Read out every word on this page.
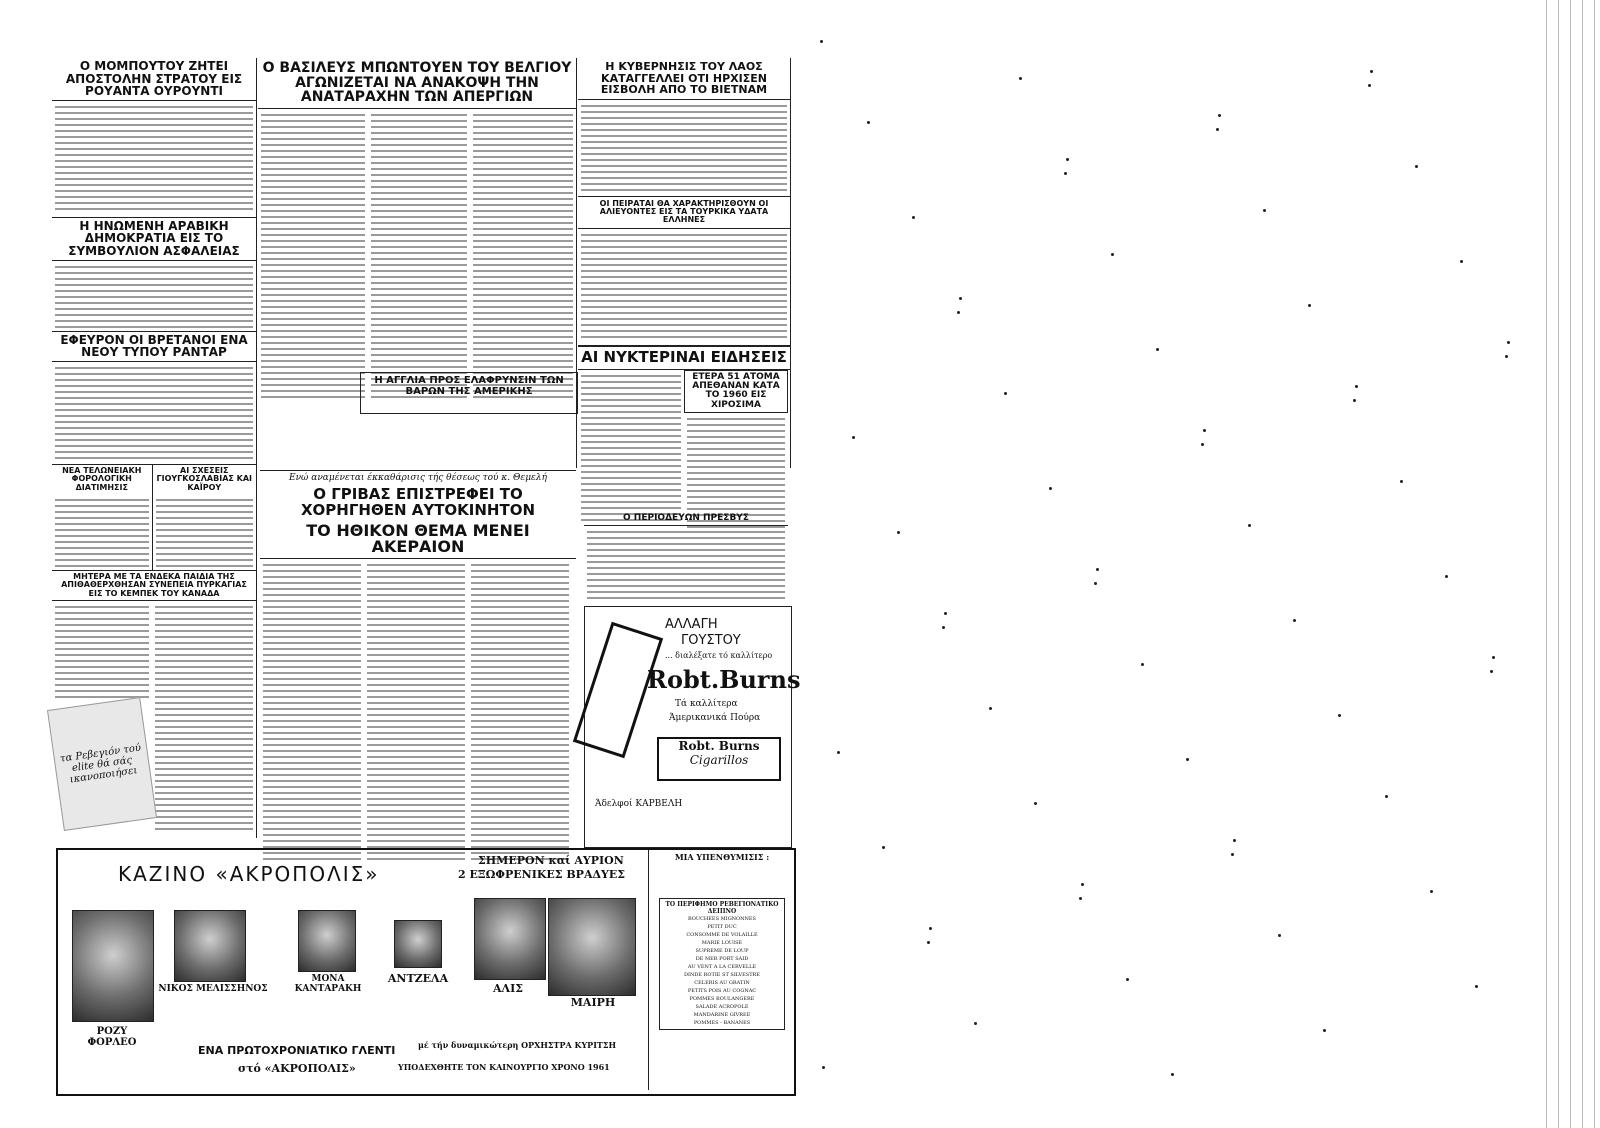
Ο ΜΟΜΠΟΥΤΟΥ ΖΗΤΕΙ ΑΠΟΣΤΟΛΗΝ ΣΤΡΑΤΟΥ ΕΙΣ ΡΟΥΑΝΤΑ ΟΥΡΟΥΝΤΙ
Η ΗΝΩΜΕΝΗ ΑΡΑΒΙΚΗ ΔΗΜΟΚΡΑΤΙΑ ΕΙΣ ΤΟ ΣΥΜΒΟΥΛΙΟΝ ΑΣΦΑΛΕΙΑΣ
ΕΦΕΥΡΟΝ ΟΙ ΒΡΕΤΑΝΟΙ ΕΝΑ ΝΕΟΥ ΤΥΠΟΥ ΡΑΝΤΑΡ
ΝΕΑ ΤΕΛΩΝΕΙΑΚΗ ΦΟΡΟΛΟΓΙΚΗ ΔΙΑΤΙΜΗΣΙΣ
ΑΙ ΣΧΕΣΕΙΣ ΓΙΟΥΓΚΟΣΛΑΒΙΑΣ ΚΑΙ ΚΑΪΡΟΥ
ΜΗΤΕΡΑ ΜΕ ΤΑ ΕΝΔΕΚΑ ΠΑΙΔΙΑ ΤΗΣ ΑΠΙΘΑΘΕΡΧΘΗΣΑΝ ΣΥΝΕΠΕΙΑ ΠΥΡΚΑΓΙΑΣ ΕΙΣ ΤΟ ΚΕΜΠΕΚ ΤΟΥ ΚΑΝΑΔΑ
τα Ρεβεγιόν τού elite θά σάς ικανοποιήσει
Ο ΒΑΣΙΛΕΥΣ ΜΠΩΝΤΟΥΕΝ ΤΟΥ ΒΕΛΓΙΟΥ ΑΓΩΝΙΖΕΤΑΙ ΝΑ ΑΝΑΚΟΨΗ ΤΗΝ ΑΝΑΤΑΡΑΧΗΝ ΤΩΝ ΑΠΕΡΓΙΩΝ
Η ΑΓΓΛΙΑ ΠΡΟΣ ΕΛΑΦΡΥΝΣΙΝ ΤΩΝ ΒΑΡΩΝ ΤΗΣ ΑΜΕΡΙΚΗΣ
Η ΚΥΒΕΡΝΗΣΙΣ ΤΟΥ ΛΑΟΣ ΚΑΤΑΓΓΕΛΛΕΙ ΟΤΙ ΗΡΧΙΣΕΝ ΕΙΣΒΟΛΗ ΑΠΟ ΤΟ ΒΙΕΤΝΑΜ
ΟΙ ΠΕΙΡΑΤΑΙ ΘΑ ΧΑΡΑΚΤΗΡΙΣΘΟΥΝ ΟΙ ΑΛΙΕΥΟΝΤΕΣ ΕΙΣ ΤΑ ΤΟΥΡΚΙΚΑ ΥΔΑΤΑ ΕΛΛΗΝΕΣ
ΑΙ ΝΥΚΤΕΡΙΝΑΙ ΕΙΔΗΣΕΙΣ
ΕΤΕΡΑ 51 ΑΤΟΜΑ ΑΠΕΘΑΝΑΝ ΚΑΤΑ ΤΟ 1960 ΕΙΣ ΧΙΡΟΣΙΜΑ
Ενώ αναμένεται έκκαθάρισις τής θέσεως τού κ. Θεμελή
Ο ΓΡΙΒΑΣ ΕΠΙΣΤΡΕΦΕΙ ΤΟ ΧΟΡΗΓΗΘΕΝ ΑΥΤΟΚΙΝΗΤΟΝ
ΤΟ ΗΘΙΚΟΝ ΘΕΜΑ ΜΕΝΕΙ ΑΚΕΡΑΙΟΝ
Ο ΠΕΡΙΟΔΕΥΩΝ ΠΡΕΣΒΥΣ
ΑΛΛΑΓΗ
ΓΟΥΣΤΟΥ
... διαλέξατε τό καλλίτερο
Robt.Burns
Τά καλλίτερα
Άμερικανικά Πούρα
Robt. Burns
Cigarillos
Άδελφοί ΚΑΡΒΕΛΗ
ΚΑΖΙΝΟ «ΑΚΡΟΠΟΛΙΣ»
ΣΗΜΕΡΟΝ καί ΑΥΡΙΟΝ
2 ΕΞΩΦΡΕΝΙΚΕΣ ΒΡΑΔΥΕΣ
ΡΟΖΥ ΦΟΡΛΕΟ
ΝΙΚΟΣ ΜΕΛΙΣΣΗΝΟΣ
ΜΟΝΑ ΚΑΝΤΑΡΑΚΗ
ΑΝΤΖΕΛΑ
ΑΛΙΣ
ΜΑΙΡΗ
ΕΝΑ ΠΡΩΤΟΧΡΟΝΙΑΤΙΚΟ ΓΛΕΝΤΙ
στό «ΑΚΡΟΠΟΛΙΣ»
μέ τήν δυναμικώτερη ΟΡΧΗΣΤΡΑ ΚΥΡΙΤΣΗ
ΥΠΟΔΕΧΘΗΤΕ ΤΟΝ ΚΑΙΝΟΥΡΓΙΟ ΧΡΟΝΟ 1961
ΜΙΑ ΥΠΕΝΘΥΜΙΣΙΣ :
ΤΟ ΠΕΡΙΦΗΜΟ ΡΕΒΕΓΙΟΝΑΤΙΚΟ ΔΕΙΠΝΟ
BOUCHEES MIGNONNES
PETIT DUC
CONSOMME DE VOLAILLE
MARIE LOUISE
SUPREME DE LOUP
DE MER PORT SAID
AU VENT A LA CERVELLE
DINDE ROTIE ST SILVESTRE
CELERIS AU GRATIN
PETITS POIS AU COGNAC
POMMES BOULANGERE
SALADE ACROPOLE
MANDARINE GIVREE
POMMES - BANANES
